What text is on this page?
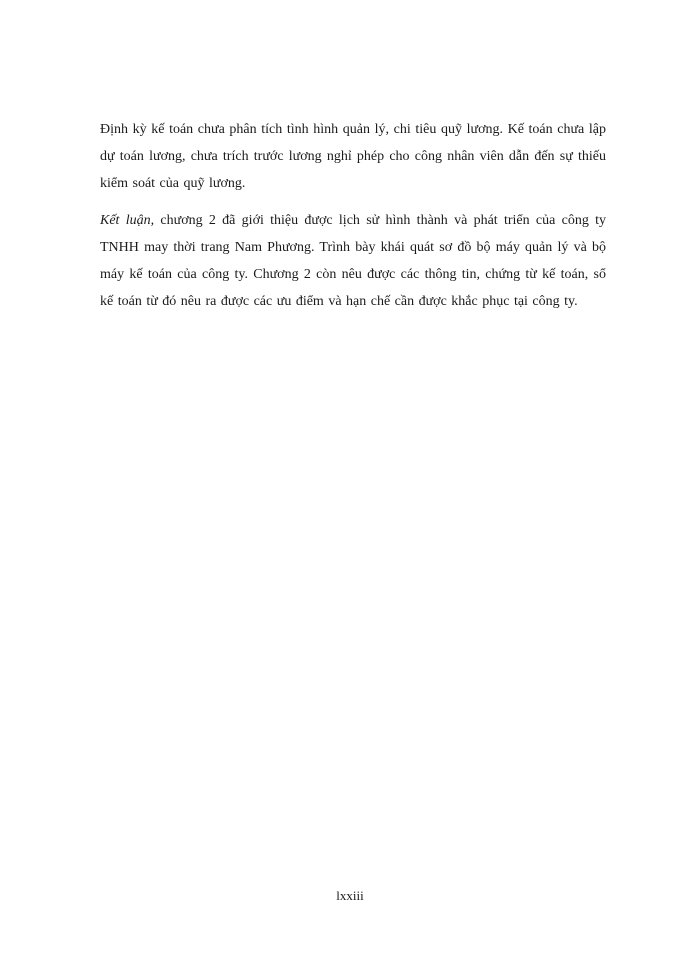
Định kỳ kế toán chưa phân tích tình hình quản lý, chi tiêu quỹ lương. Kế toán chưa lập dự toán lương, chưa trích trước lương nghỉ phép cho công nhân viên dẫn đến sự thiếu kiểm soát của quỹ lương.

Kết luận, chương 2 đã giới thiệu được lịch sử hình thành và phát triển của công ty TNHH may thời trang Nam Phương. Trình bày khái quát sơ đồ bộ máy quản lý và bộ máy kế toán của công ty. Chương 2 còn nêu được các thông tin, chứng từ kế toán, sổ kế toán từ đó nêu ra được các ưu điểm và hạn chế cần được khắc phục tại công ty.

lxxiii
